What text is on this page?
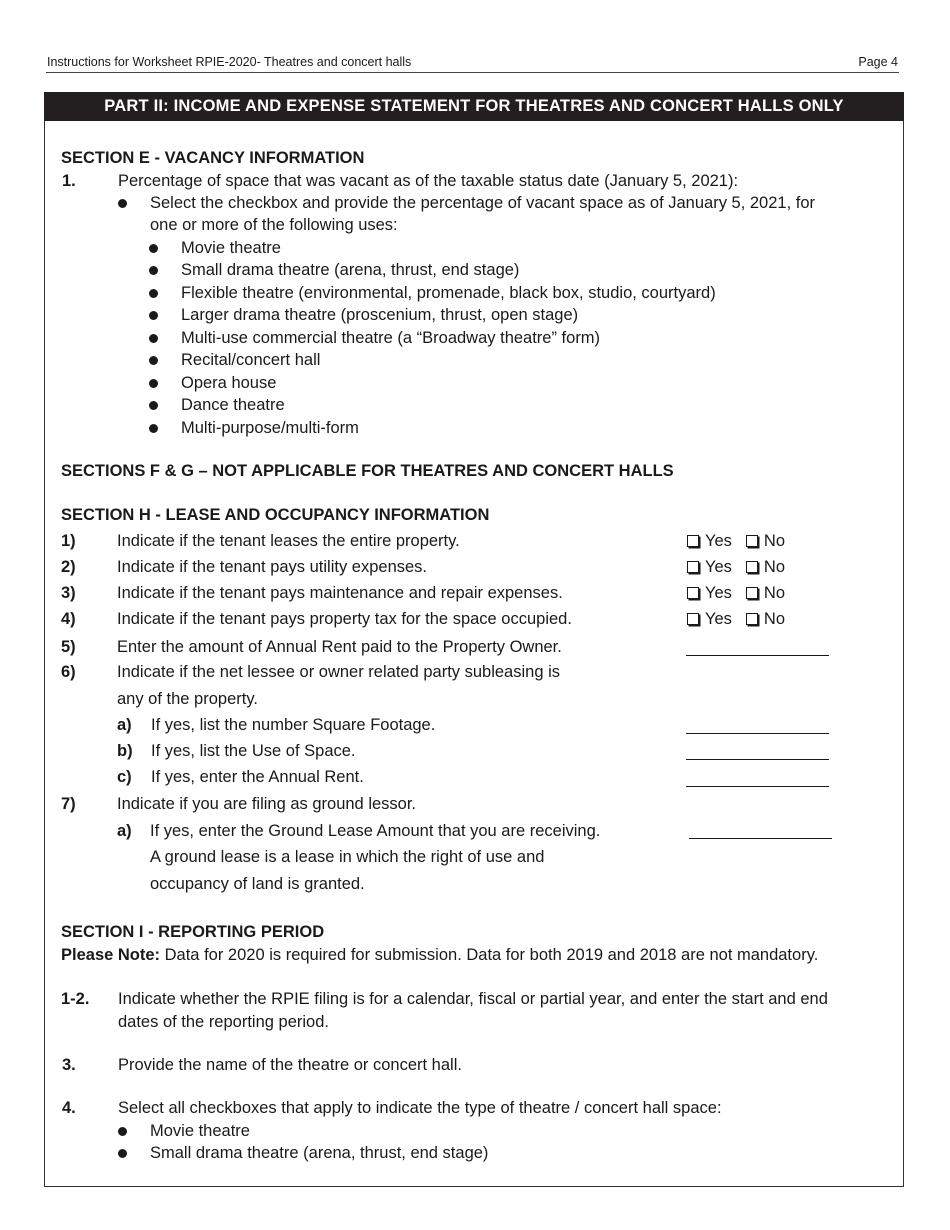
Instructions for Worksheet RPIE-2020- Theatres and concert halls	Page 4
PART II: INCOME AND EXPENSE STATEMENT FOR THEATRES AND CONCERT HALLS ONLY
SECTION E - VACANCY INFORMATION
1.	Percentage of space that was vacant as of the taxable status date (January 5, 2021):
Select the checkbox and provide the percentage of vacant space as of January 5, 2021, for
one or more of the following uses:
Movie theatre
Small drama theatre (arena, thrust, end stage)
Flexible theatre (environmental, promenade, black box, studio, courtyard)
Larger drama theatre (proscenium, thrust, open stage)
Multi-use commercial theatre (a “Broadway theatre” form)
Recital/concert hall
Opera house
Dance theatre
Multi-purpose/multi-form
SECTIONS F & G – NOT APPLICABLE FOR THEATRES AND CONCERT HALLS
SECTION H - LEASE AND OCCUPANCY INFORMATION
1)	Indicate if the tenant leases the entire property.	Yes No
2)	Indicate if the tenant pays utility expenses.	Yes No
3)	Indicate if the tenant pays maintenance and repair expenses.	Yes No
4)	Indicate if the tenant pays property tax for the space occupied.	Yes No
5)	Enter the amount of Annual Rent paid to the Property Owner.
6)	Indicate if the net lessee or owner related party subleasing is
any of the property.
a) If yes, list the number Square Footage.
b) If yes, list the Use of Space.
c) If yes, enter the Annual Rent.
7)	Indicate if you are filing as ground lessor.
a) If yes, enter the Ground Lease Amount that you are receiving.
A ground lease is a lease in which the right of use and
occupancy of land is granted.
SECTION I - REPORTING PERIOD
Please Note: Data for 2020 is required for submission. Data for both 2019 and 2018 are not mandatory.
1-2. Indicate whether the RPIE filing is for a calendar, fiscal or partial year, and enter the start and end
dates of the reporting period.
3.	Provide the name of the theatre or concert hall.
4.	Select all checkboxes that apply to indicate the type of theatre / concert hall space:
Movie theatre
Small drama theatre (arena, thrust, end stage)
